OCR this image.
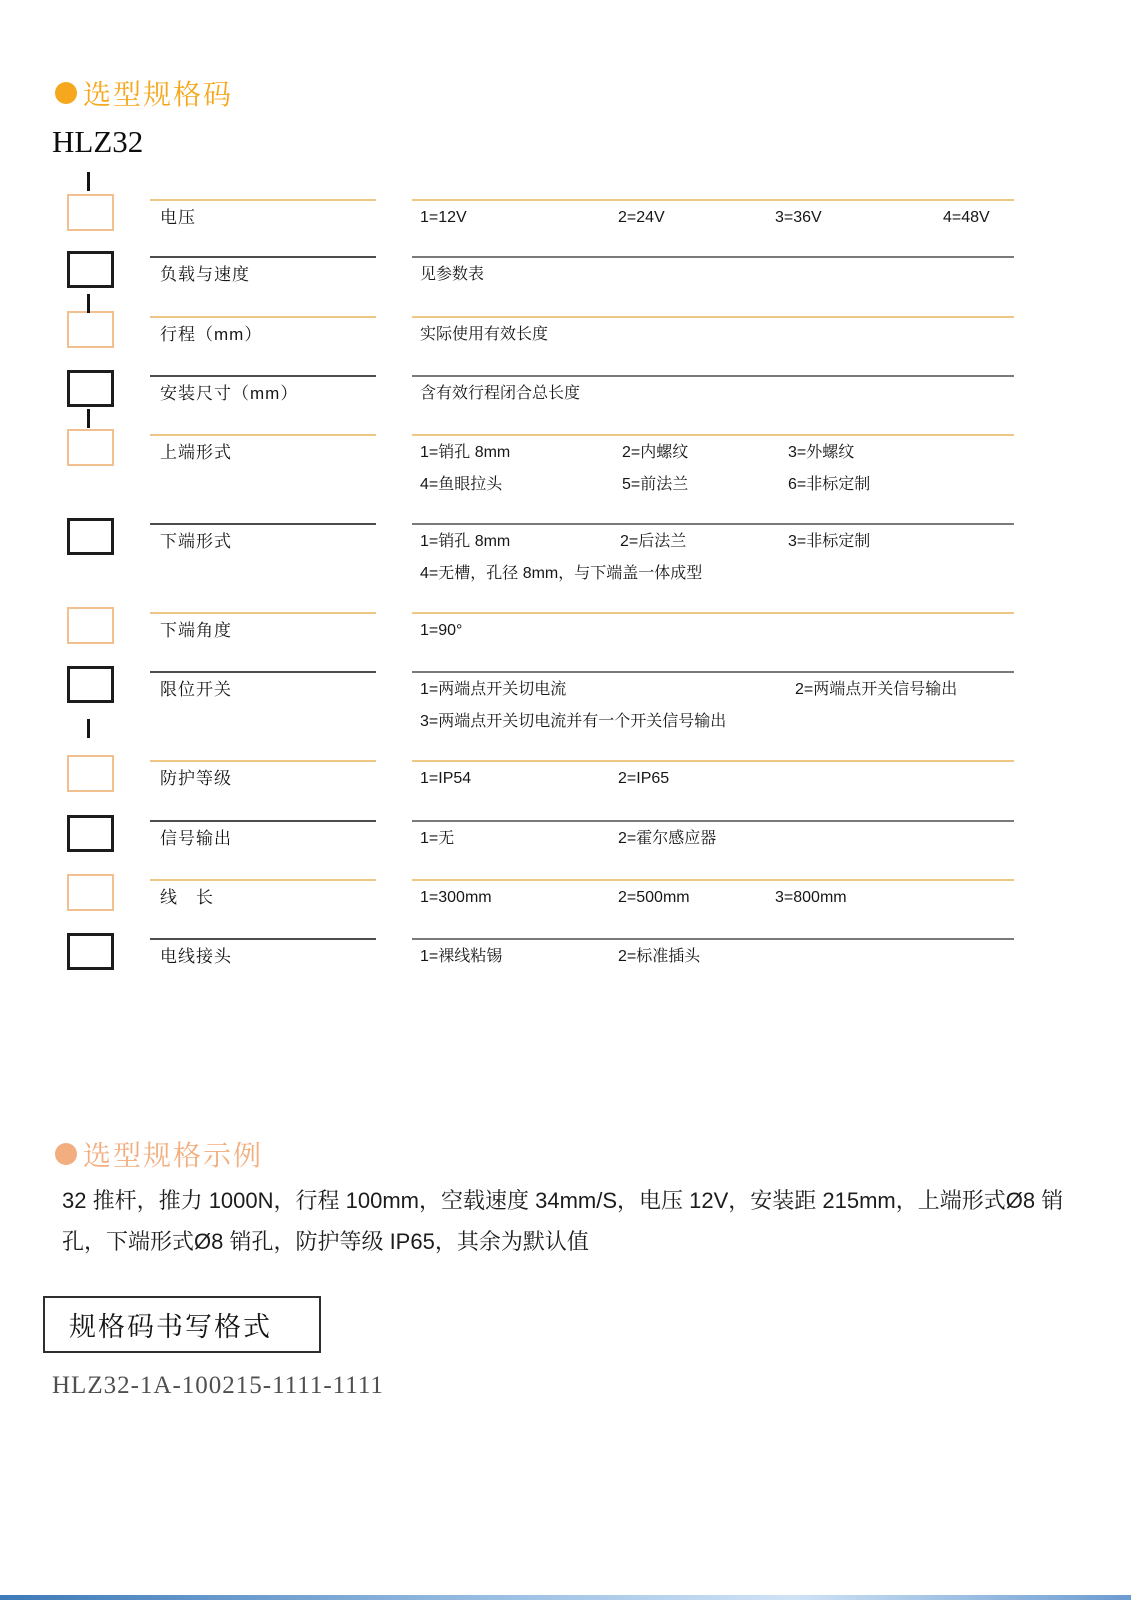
选型规格码
HLZ32
电压	1=12V	2=24V	3=36V	4=48V
负载与速度	见参数表
行程（mm）	实际使用有效长度
安装尺寸（mm）	含有效行程闭合总长度
上端形式	1=销孔 8mm	2=内螺纹	3=外螺纹
4=鱼眼拉头	5=前法兰	6=非标定制
下端形式	1=销孔 8mm	2=后法兰	3=非标定制
4=无槽，孔径 8mm，与下端盖一体成型
下端角度	1=90°
限位开关	1=两端点开关切电流	2=两端点开关信号输出
3=两端点开关切电流并有一个开关信号输出
防护等级	1=IP54	2=IP65
信号输出	1=无	2=霍尔感应器
线　长	1=300mm	2=500mm	3=800mm
电线接头	1=裸线粘锡	2=标准插头
选型规格示例

32 推杆，推力 1000N，行程 100mm，空载速度 34mm/S，电压 12V，安装距 215mm，上端形式Ø8 销孔，下端形式Ø8 销孔，防护等级 IP65，其余为默认值

规格码书写格式
HLZ32-1A-100215-1111-1111
